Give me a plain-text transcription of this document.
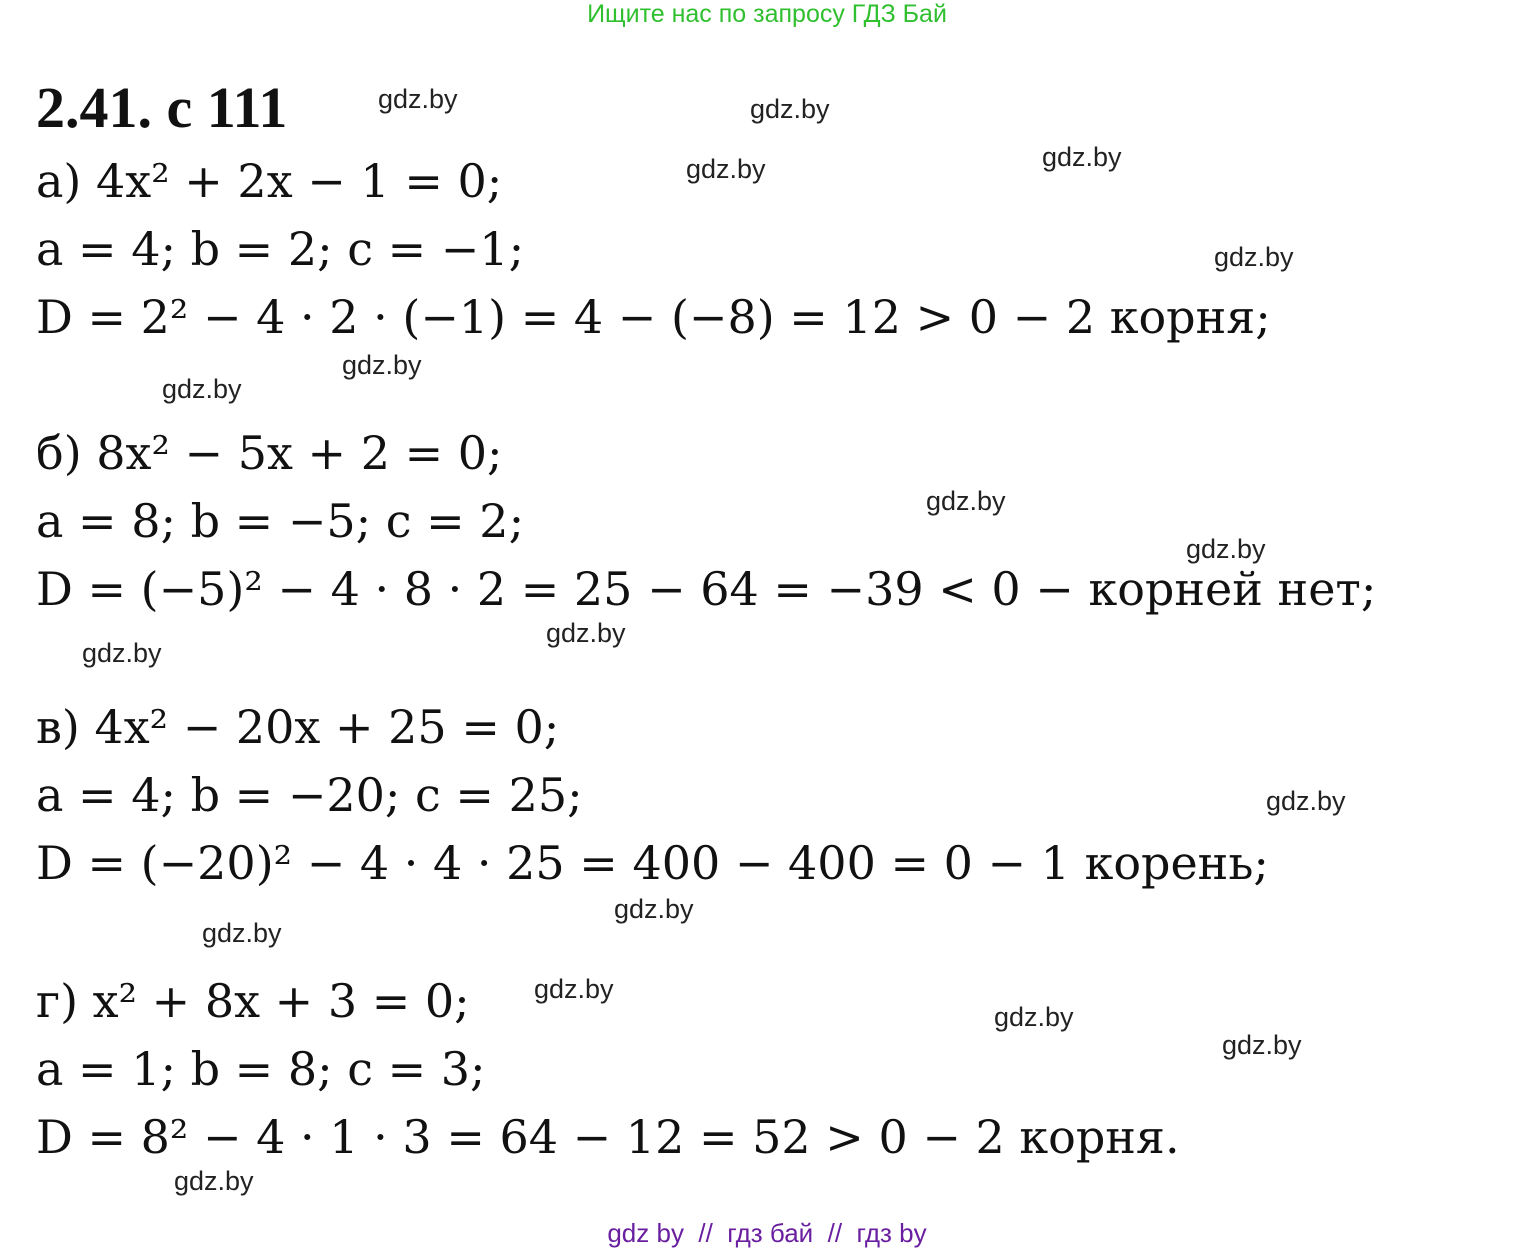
Ищите нас по запросу ГДЗ Бай
2.41. с 111
а) 4x² + 2x − 1 = 0;
a = 4; b = 2; c = −1;
D = 2² − 4 · 2 · (−1) = 4 − (−8) = 12 > 0 − 2 корня;
б) 8x² − 5x + 2 = 0;
a = 8; b = −5; c = 2;
D = (−5)² − 4 · 8 · 2 = 25 − 64 = −39 < 0 − корней нет;
в) 4x² − 20x + 25 = 0;
a = 4; b = −20; c = 25;
D = (−20)² − 4 · 4 · 25 = 400 − 400 = 0 − 1 корень;
г) x² + 8x + 3 = 0;
a = 1; b = 8; c = 3;
D = 8² − 4 · 1 · 3 = 64 − 12 = 52 > 0 − 2 корня.
gdz.by	gdz.by
gdz.by	gdz.by
gdz.by
gdz.by
gdz.by
gdz.by
gdz.by
gdz.by
gdz.by
gdz.by
gdz.by
gdz.by
gdz.by
gdz.by
gdz.by
gdz.by
gdz by  //  гдз бай  //  гдз by
